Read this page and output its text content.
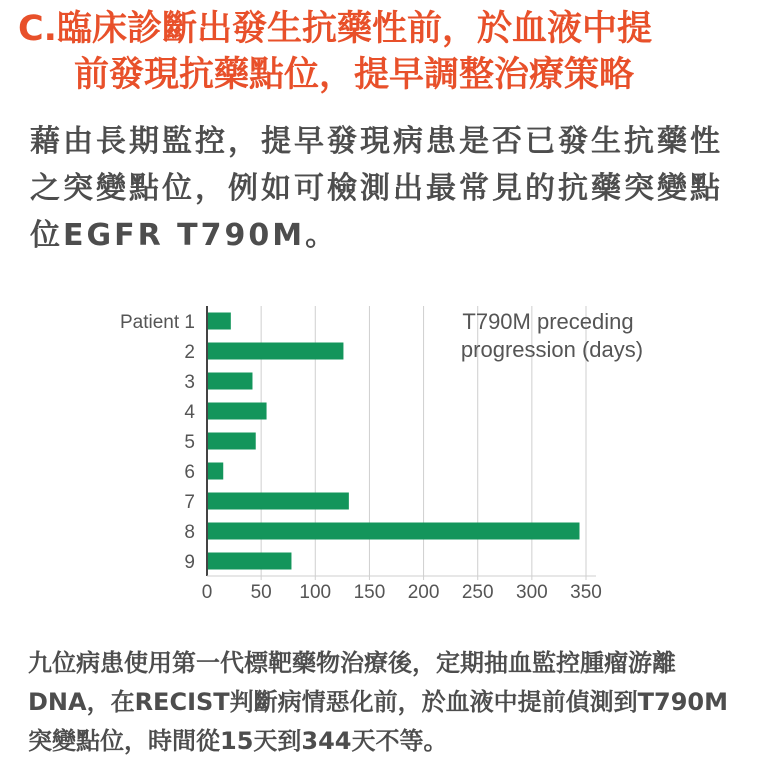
C.臨床診斷出發生抗藥性前，於血液中提
前發現抗藥點位，提早調整治療策略
藉由長期監控，提早發現病患是否已發生抗藥性之突變點位，例如可檢測出最常見的抗藥突變點位EGFR T790M。
Patient 1
2
3
4
5
6
7
8
9
0 50 100 150 200 250 300 350
T790M preceding
progression (days)
九位病患使用第一代標靶藥物治療後，定期抽血監控腫瘤游離DNA，在RECIST判斷病情惡化前，於血液中提前偵測到T790M突變點位，時間從15天到344天不等。
